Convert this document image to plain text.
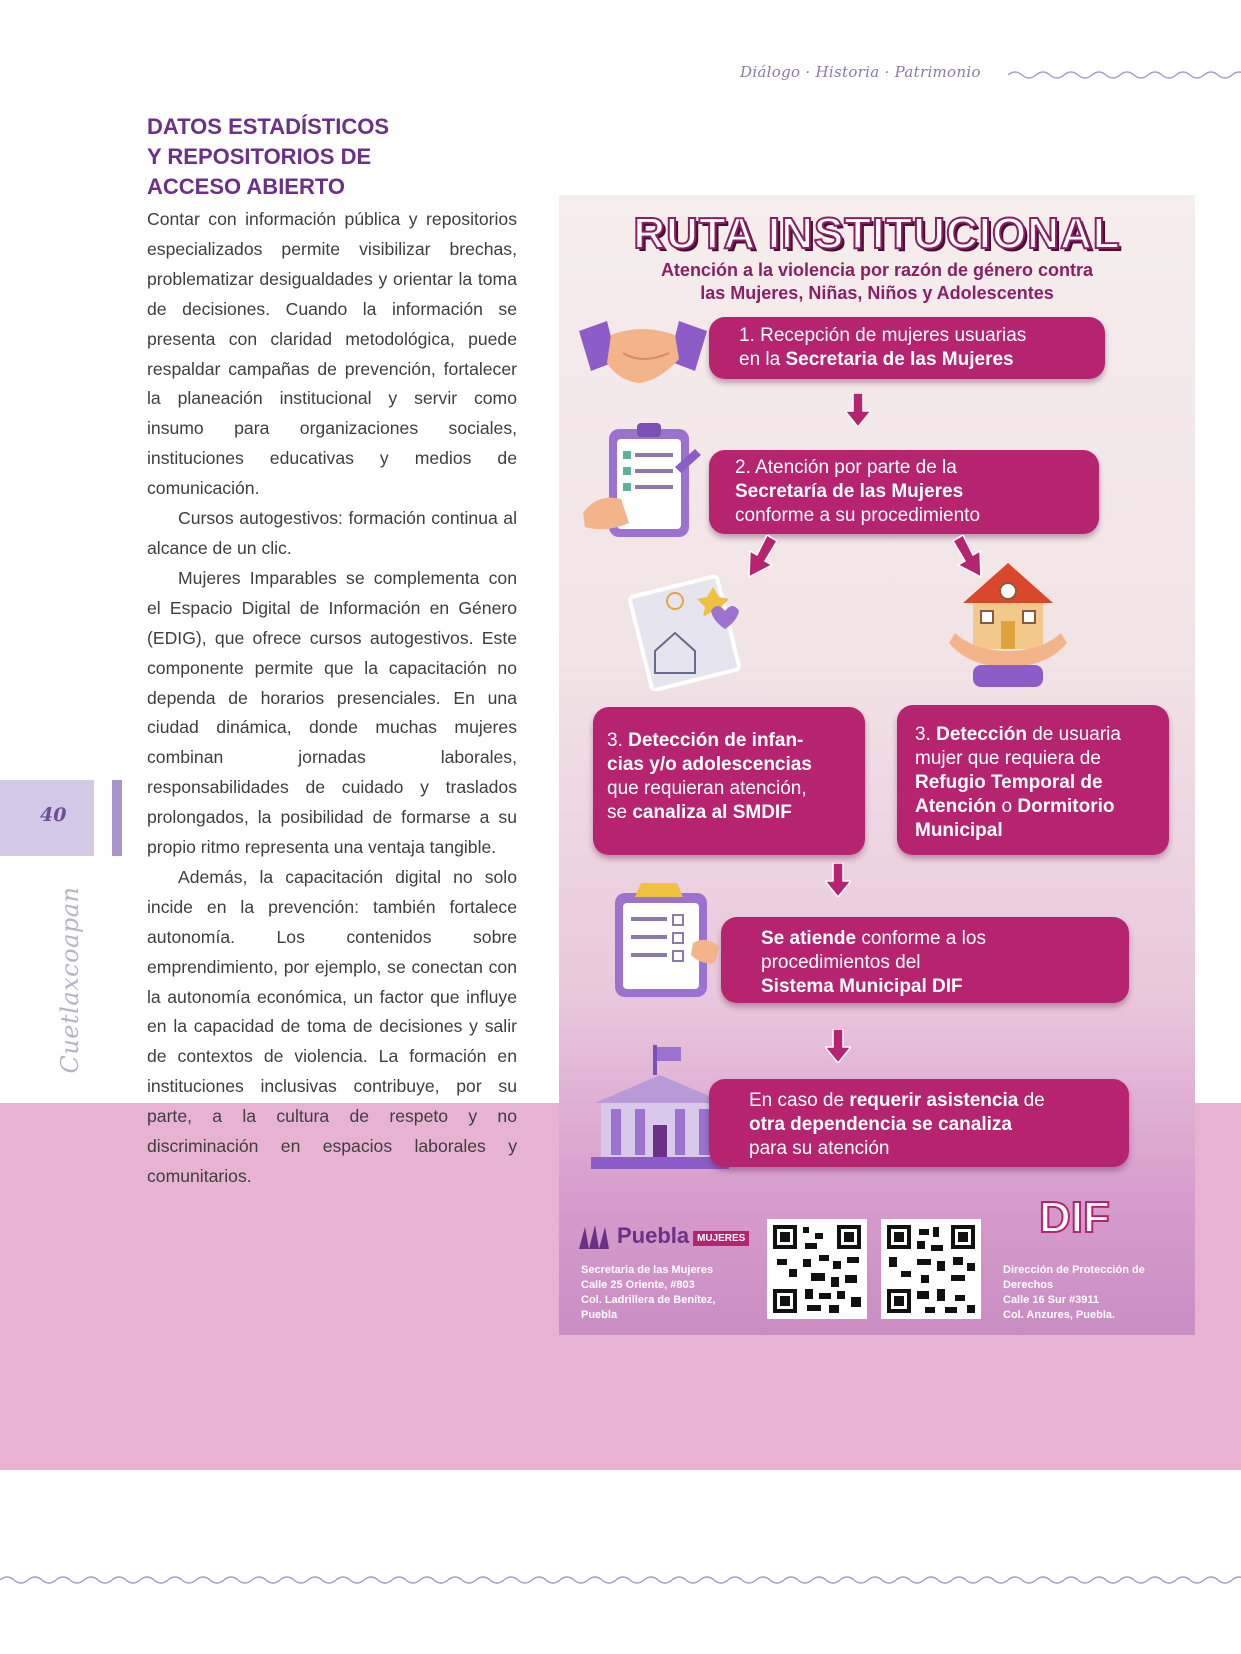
Diálogo · Historia · Patrimonio
40
Cuetlaxcoapan
DATOS ESTADÍSTICOS
Y REPOSITORIOS DE
ACCESO ABIERTO

Contar con información pública y repositorios especializados permite visibilizar brechas, problematizar desigualdades y orientar la toma de decisiones. Cuando la información se presenta con claridad metodológica, puede respaldar campañas de prevención, fortalecer la planeación institucional y servir como insumo para organizaciones sociales, instituciones educativas y medios de comunicación.

Cursos autogestivos: formación continua al alcance de un clic.

Mujeres Imparables se complementa con el Espacio Digital de Información en Género (EDIG), que ofrece cursos autogestivos. Este componente permite que la capacitación no dependa de horarios presenciales. En una ciudad dinámica, donde muchas mujeres combinan jornadas laborales, responsabilidades de cuidado y traslados prolongados, la posibilidad de formarse a su propio ritmo representa una ventaja tangible.

Además, la capacitación digital no solo incide en la prevención: también fortalece autonomía. Los contenidos sobre emprendimiento, por ejemplo, se conectan con la autonomía económica, un factor que influye en la capacidad de toma de decisiones y salir de contextos de violencia. La formación en instituciones inclusivas contribuye, por su parte, a la cultura de respeto y no discriminación en espacios laborales y comunitarios.

RUTA INSTITUCIONAL
Atención a la violencia por razón de género contra
las Mujeres, Niñas, Niños y Adolescentes
1. Recepción de mujeres usuarias
en la Secretaria de las Mujeres
2. Atención por parte de la
Secretaría de las Mujeres
conforme a su procedimiento
3. Detección de infan-
cias y/o adolescencias
que requieran atención,
se canaliza al SMDIF
3. Detección de usuaria
mujer que requiera de
Refugio Temporal de
Atención o Dormitorio
Municipal
Se atiende conforme a los
procedimientos del
Sistema Municipal DIF
En caso de requerir asistencia de
otra dependencia se canaliza
para su atención
Puebla MUJERES
Secretaria de las Mujeres
Calle 25 Oriente, #803
Col. Ladrillera de Benítez,
Puebla
DIF
Dirección de Protección de
Derechos
Calle 16 Sur #3911
Col. Anzures, Puebla.
